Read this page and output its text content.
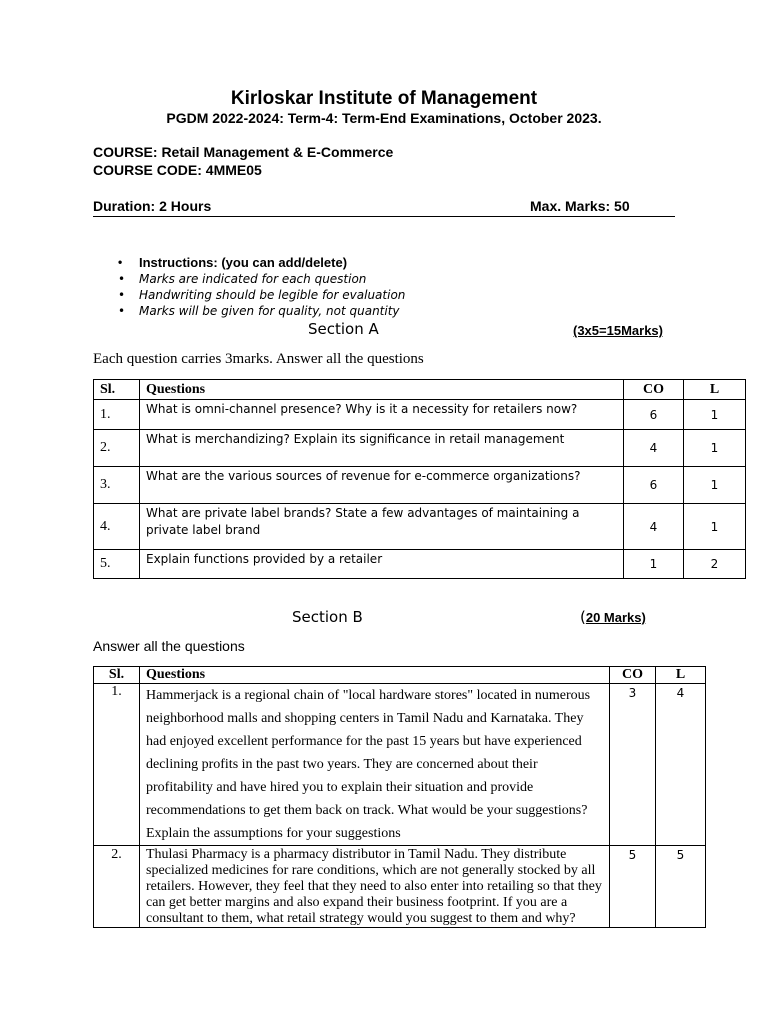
Kirloskar Institute of Management
PGDM 2022-2024: Term-4: Term-End Examinations, October 2023.
COURSE: Retail Management & E-Commerce
COURSE CODE: 4MME05
Duration: 2 Hours	Max. Marks: 50
• Instructions: (you can add/delete)
• Marks are indicated for each question
• Handwriting should be legible for evaluation
• Marks will be given for quality, not quantity
Section A	(3x5=15Marks)
Each question carries 3marks. Answer all the questions
Sl.	Questions	CO	L
1.	What is omni-channel presence? Why is it a necessity for retailers now?	6	1
2.	What is merchandizing? Explain its significance in retail management	4	1
3.	What are the various sources of revenue for e-commerce organizations?	6	1
4.	What are private label brands? State a few advantages of maintaining a private label brand	4	1
5.	Explain functions provided by a retailer	1	2
Section B	(20 Marks)
Answer all the questions
Sl.	Questions	CO	L
1.	Hammerjack is a regional chain of "local hardware stores" located in numerous neighborhood malls and shopping centers in Tamil Nadu and Karnataka. They had enjoyed excellent performance for the past 15 years but have experienced declining profits in the past two years. They are concerned about their profitability and have hired you to explain their situation and provide recommendations to get them back on track. What would be your suggestions? Explain the assumptions for your suggestions	3	4
2.	Thulasi Pharmacy is a pharmacy distributor in Tamil Nadu. They distribute specialized medicines for rare conditions, which are not generally stocked by all retailers. However, they feel that they need to also enter into retailing so that they can get better margins and also expand their business footprint. If you are a consultant to them, what retail strategy would you suggest to them and why?	5	5
